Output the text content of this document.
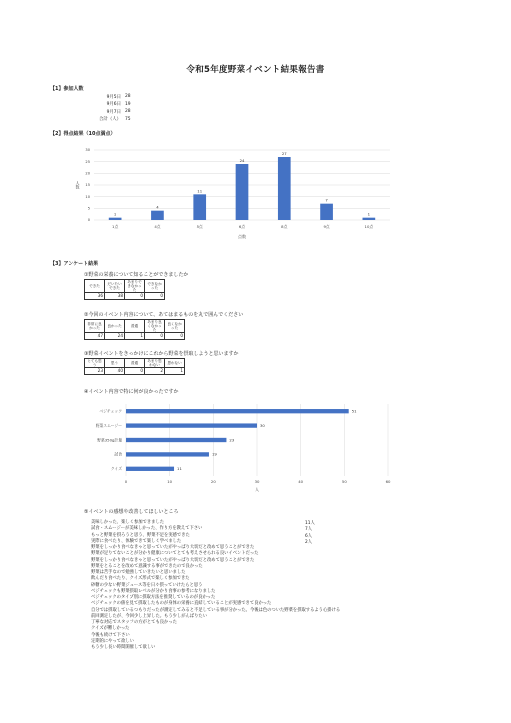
令和5年度野菜イベント結果報告書
【1】参加人数
9月5日	28
9月6日	19
9月7日	28
合計（人）	75
【2】得点結果（10点満点）
0
5
10
15
20
25
30
1
1点
4
4点
11
5点
24
6点
27
8点
7
9点
1
10点
点数
人数
【3】アンケート結果
①野菜の栄養について知ることができましたか
できた	だいたいできた	あまりできなかった	できなかった
36	38	0	0
②今回のイベント内容について、あてはまるものを丸で囲んでください
非常に良かった	良かった	普通	あまり良くなかった	良くなかった
47	24	1	0	0
③野菜イベントをきっかけにこれから野菜を摂取しようと思いますか
とても思う	思う	普通	あまり思わない	思わない
23	40	0	2	1
④イベント内容で特に何が良かったですか
0	10	20	30	40	50	60
51
ベジチェック
30
野菜スムージー
23
野菜350g計量
19
試食
11
クイズ
人
⑤イベントの感想や改善してほしいところ
美味しかった、楽しく参加できました
試食・スムージーが美味しかった、作り方を教えて下さい
もっと野菜を摂ろうと思う、野菜不足を実感できた
実際に食べたり、体験できて楽しく学べました
野菜をしっかり食べなきゃと思っていたがやっぱり大切だと改めて思うことができた
野菜が足りてないことが分かり健康についてとても考えさせられる良いイベントだった
野菜をしっかり食べなきゃと思っていたがやっぱり大切だと改めて思うことができた
野菜をとることを改めて意識する事ができたので良かった
野菜は苦手なので勉強していきたいと思いました
飲んだり食べたり、クイズ形式で楽しく参加できた
砂糖の少ない野菜ジュース等を日々摂っていけたらと思う
ベジチェックも野菜摂取レベルが分かり食事の参考になりました
ベジチェックのタイプ別に摂取方法を推奨しているのが良かった
ベジチェックの値を見て摂取したものが身体の栄養に直結していることが実感できて良かった
自分では摂取しているつもりだったが測定してみると不足している事が分かった。今後は色のついた野菜を摂取するよう心掛ける
前回測定したが、今回少し上昇した。もう少しがんばりたい
丁寧な対応でスタッフの方がとても良かった
クイズが難しかった
今後も続けて下さい
定期的にやって欲しい
もう少し長い時間開催して欲しい
11人
7人
6人
2人
